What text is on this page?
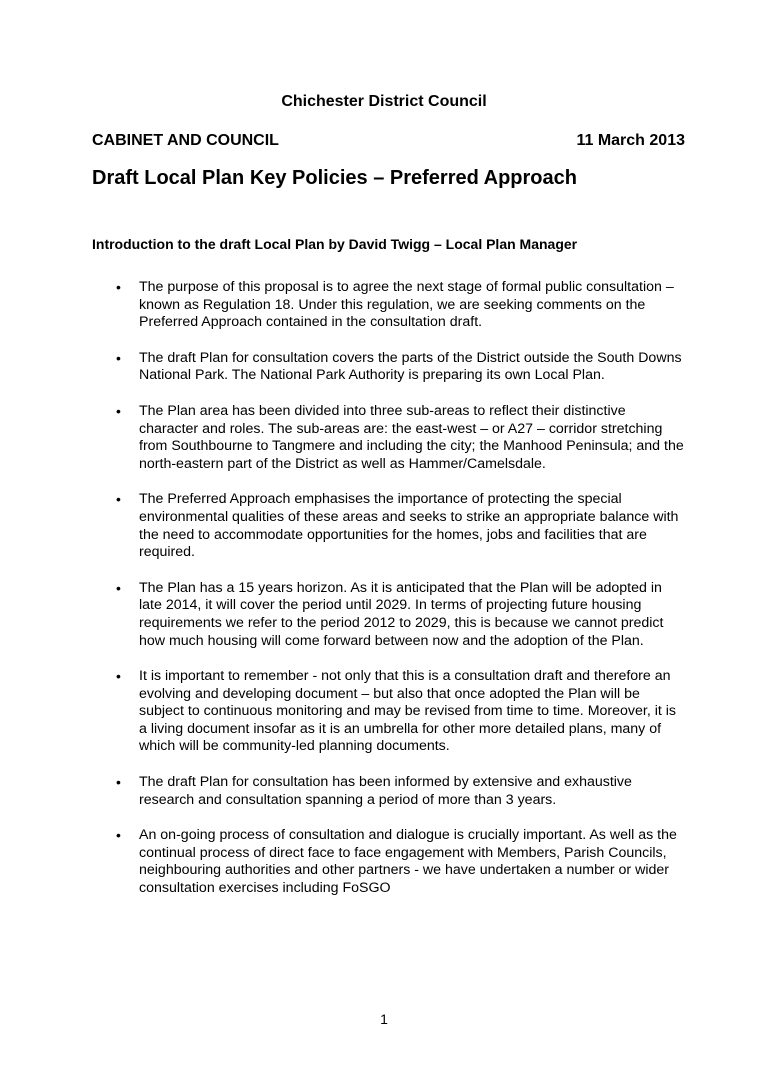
Chichester District Council
CABINET AND COUNCIL	11 March 2013
Draft Local Plan Key Policies – Preferred Approach
Introduction to the draft Local Plan by David Twigg – Local Plan Manager
• The purpose of this proposal is to agree the next stage of formal public consultation – known as Regulation 18. Under this regulation, we are seeking comments on the Preferred Approach contained in the consultation draft.
• The draft Plan for consultation covers the parts of the District outside the South Downs National Park. The National Park Authority is preparing its own Local Plan.
• The Plan area has been divided into three sub-areas to reflect their distinctive character and roles. The sub-areas are: the east-west – or A27 – corridor stretching from Southbourne to Tangmere and including the city; the Manhood Peninsula; and the north-eastern part of the District as well as Hammer/Camelsdale.
• The Preferred Approach emphasises the importance of protecting the special environmental qualities of these areas and seeks to strike an appropriate balance with the need to accommodate opportunities for the homes, jobs and facilities that are required.
• The Plan has a 15 years horizon. As it is anticipated that the Plan will be adopted in late 2014, it will cover the period until 2029. In terms of projecting future housing requirements we refer to the period 2012 to 2029, this is because we cannot predict how much housing will come forward between now and the adoption of the Plan.
• It is important to remember - not only that this is a consultation draft and therefore an evolving and developing document – but also that once adopted the Plan will be subject to continuous monitoring and may be revised from time to time. Moreover, it is a living document insofar as it is an umbrella for other more detailed plans, many of which will be community-led planning documents.
• The draft Plan for consultation has been informed by extensive and exhaustive research and consultation spanning a period of more than 3 years.
• An on-going process of consultation and dialogue is crucially important. As well as the continual process of direct face to face engagement with Members, Parish Councils, neighbouring authorities and other partners - we have undertaken a number or wider consultation exercises including FoSGO
1
